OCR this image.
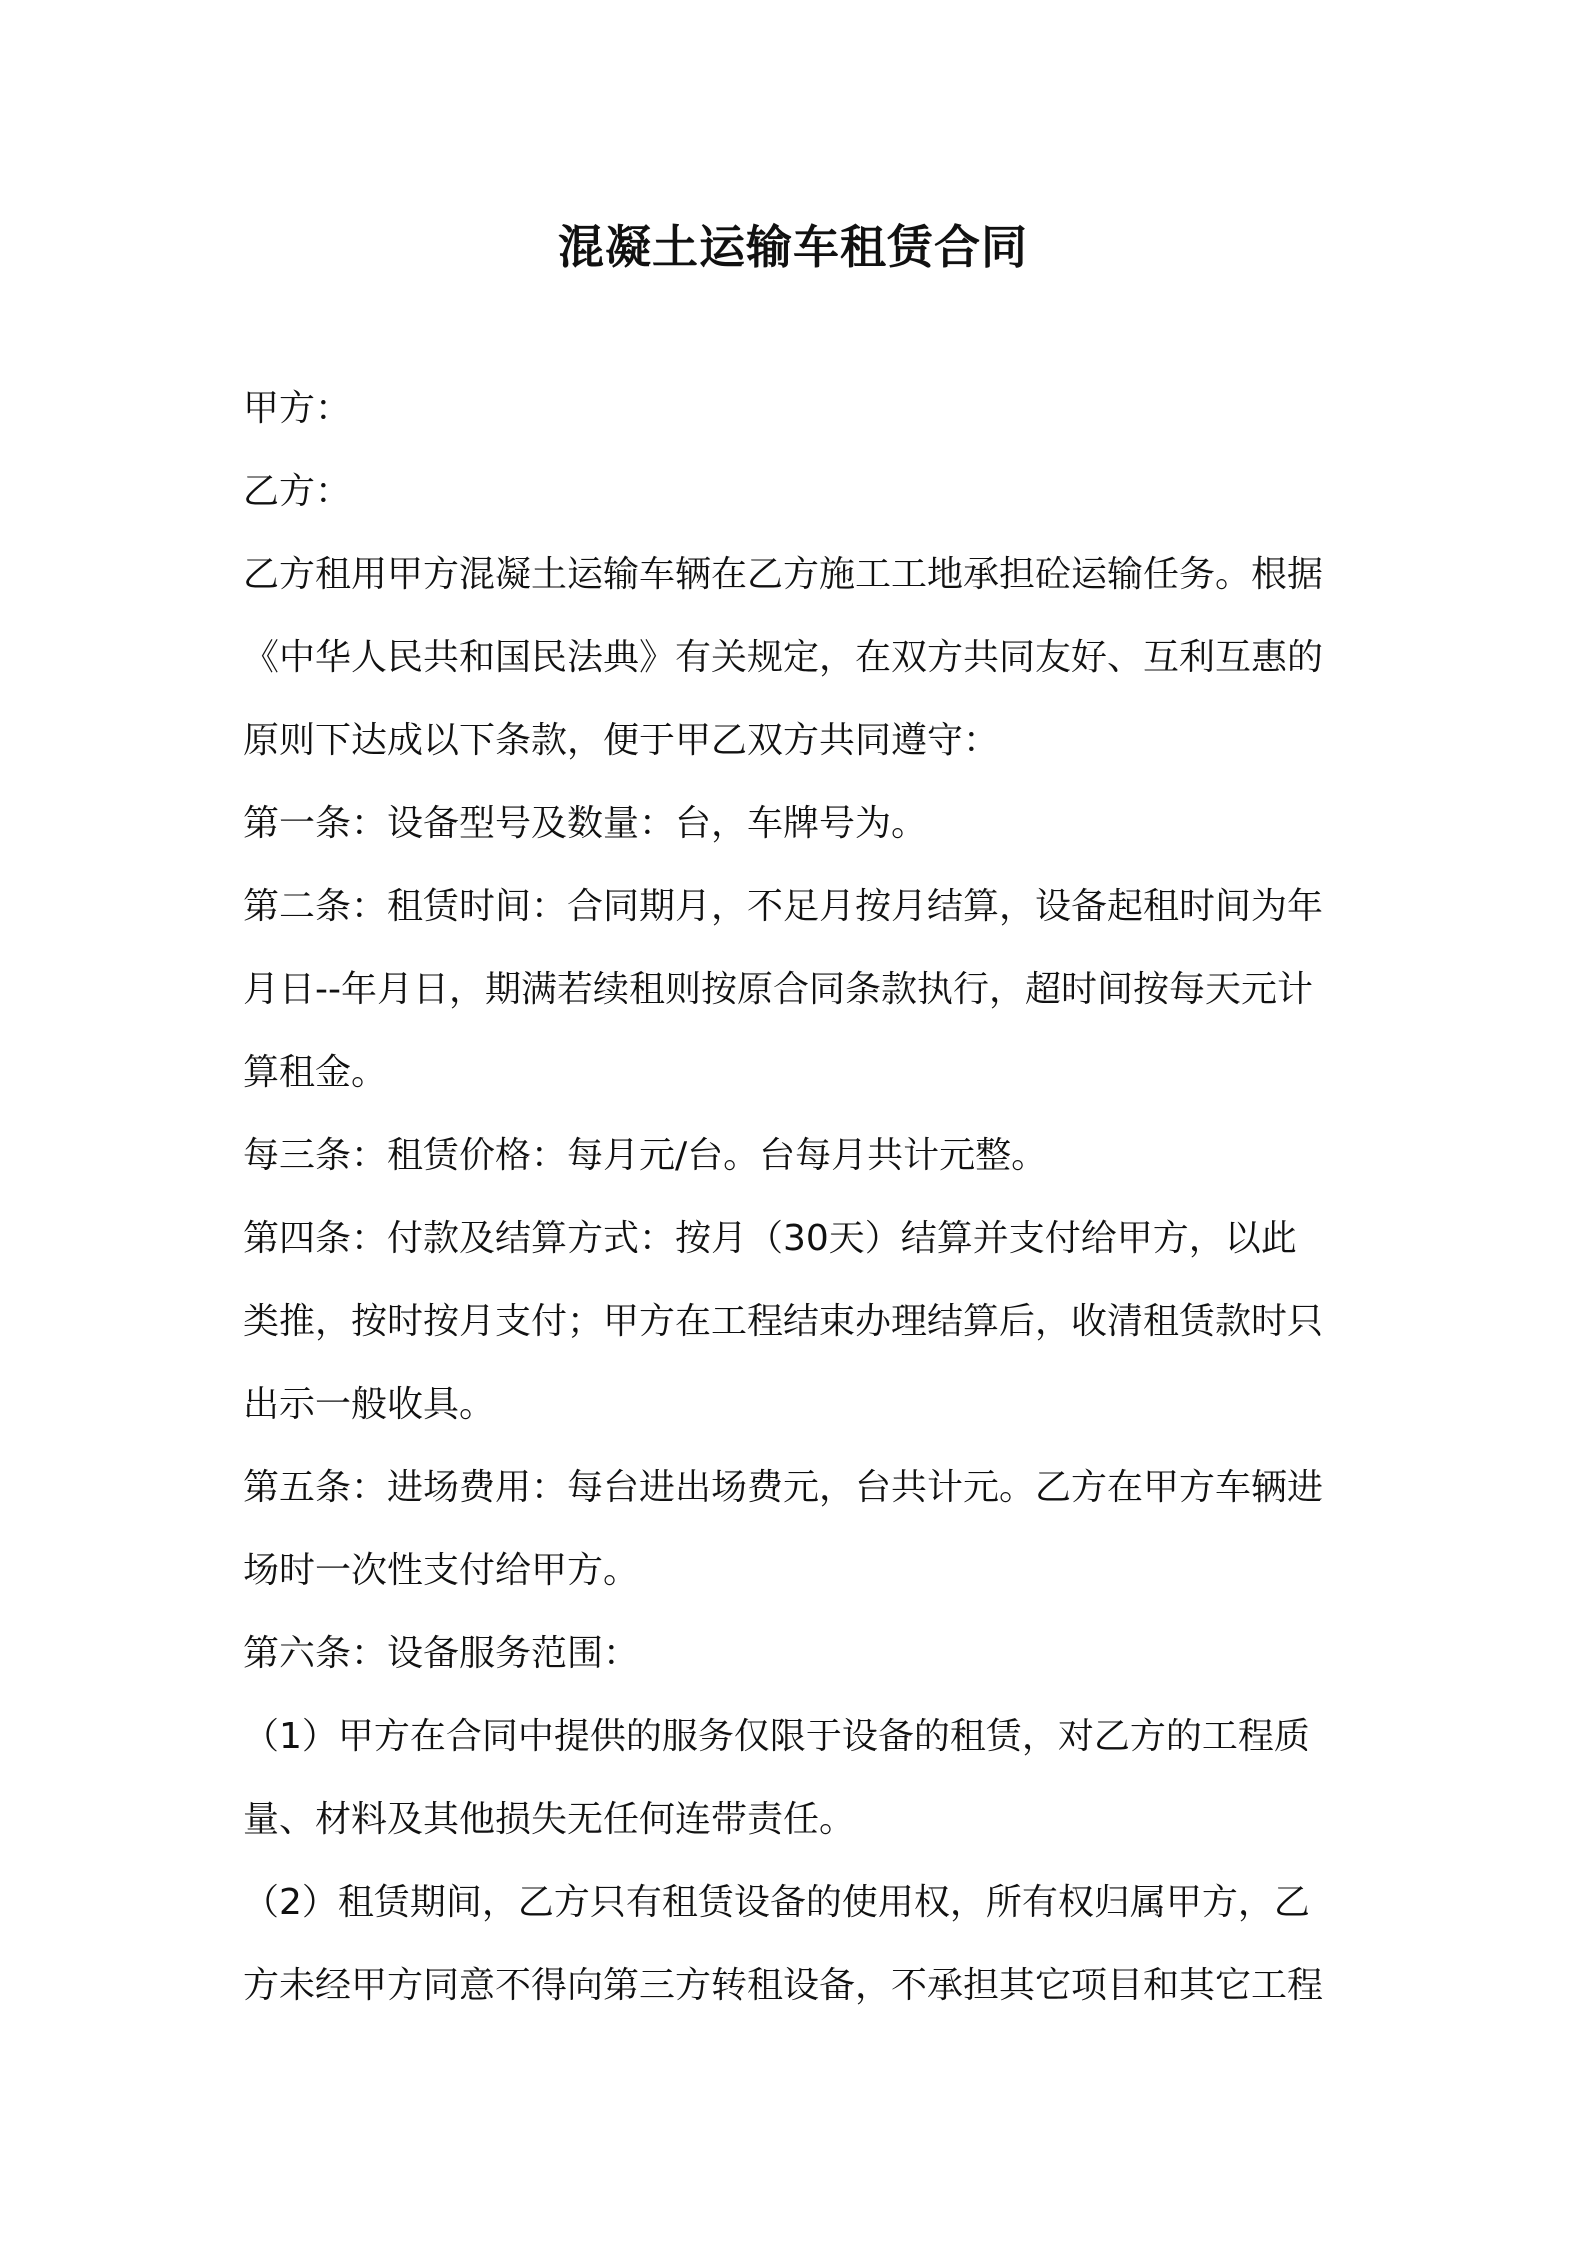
混凝土运输车租赁合同
甲方：
乙方：
乙方租用甲方混凝土运输车辆在乙方施工工地承担砼运输任务。根据
《中华人民共和国民法典》有关规定，在双方共同友好、互利互惠的
原则下达成以下条款，便于甲乙双方共同遵守：
第一条：设备型号及数量：台，车牌号为。
第二条：租赁时间：合同期月，不足月按月结算，设备起租时间为年
月日--年月日，期满若续租则按原合同条款执行，超时间按每天元计
算租金。
每三条：租赁价格：每月元/台。台每月共计元整。
第四条：付款及结算方式：按月（30天）结算并支付给甲方，以此
类推，按时按月支付；甲方在工程结束办理结算后，收清租赁款时只
出示一般收具。
第五条：进场费用：每台进出场费元，台共计元。乙方在甲方车辆进
场时一次性支付给甲方。
第六条：设备服务范围：
（1）甲方在合同中提供的服务仅限于设备的租赁，对乙方的工程质
量、材料及其他损失无任何连带责任。
（2）租赁期间，乙方只有租赁设备的使用权，所有权归属甲方，乙
方未经甲方同意不得向第三方转租设备，不承担其它项目和其它工程
